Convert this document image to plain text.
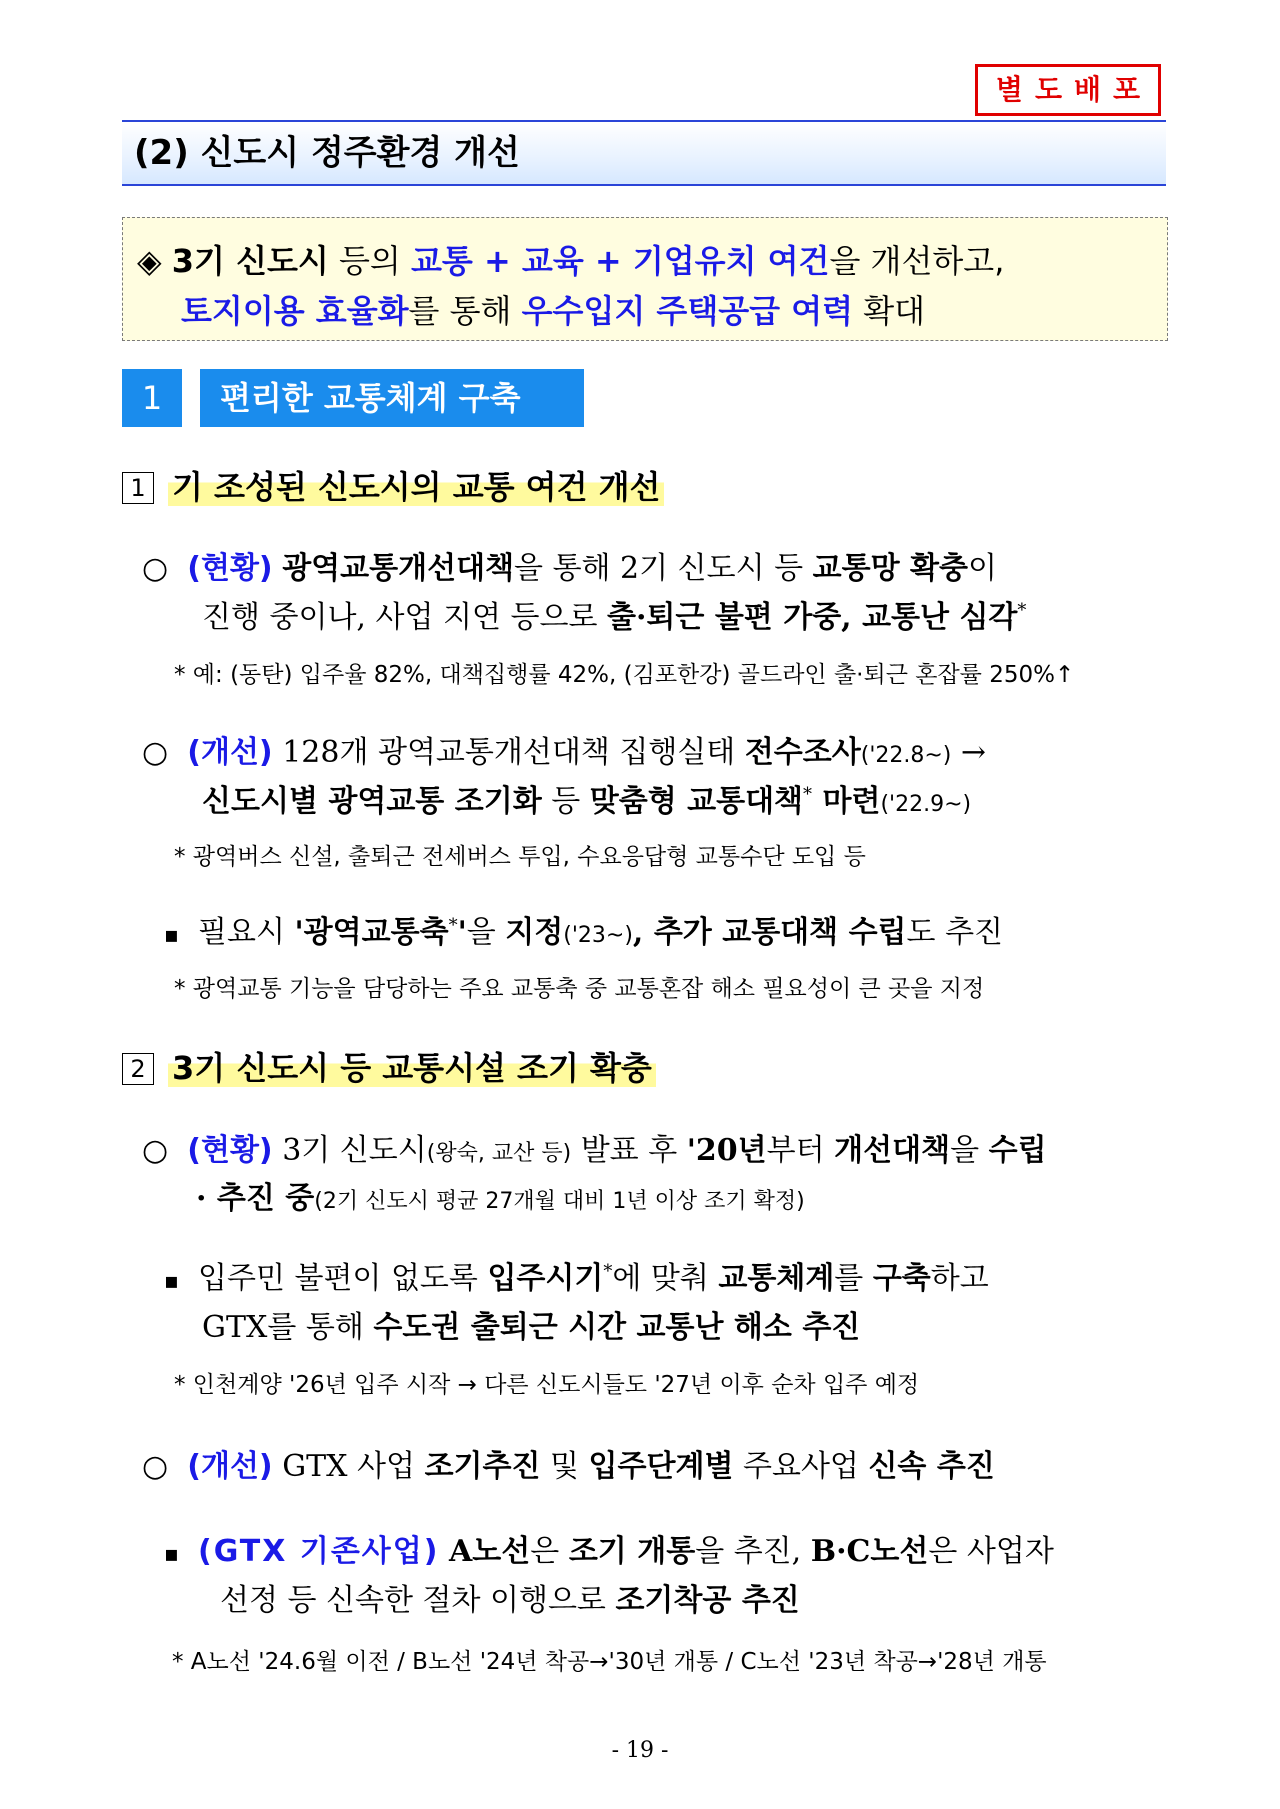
별도배포
(2) 신도시 정주환경 개선
◈ 3기 신도시 등의 교통 + 교육 + 기업유치 여건을 개선하고,
토지이용 효율화를 통해 우수입지 주택공급 여력 확대
1	편리한 교통체계 구축
1 기 조성된 신도시의 교통 여건 개선
○ (현황) 광역교통개선대책을 통해 2기 신도시 등 교통망 확충이
진행 중이나, 사업 지연 등으로 출·퇴근 불편 가중, 교통난 심각*
* 예: (동탄) 입주율 82%, 대책집행률 42%, (김포한강) 골드라인 출·퇴근 혼잡률 250%↑
○ (개선) 128개 광역교통개선대책 집행실태 전수조사('22.8~) →
신도시별 광역교통 조기화 등 맞춤형 교통대책* 마련('22.9~)
* 광역버스 신설, 출퇴근 전세버스 투입, 수요응답형 교통수단 도입 등
▪ 필요시 '광역교통축*'을 지정('23~), 추가 교통대책 수립도 추진
* 광역교통 기능을 담당하는 주요 교통축 중 교통혼잡 해소 필요성이 큰 곳을 지정
2 3기 신도시 등 교통시설 조기 확충
○ (현황) 3기 신도시(왕숙, 교산 등) 발표 후 '20년부터 개선대책을 수립
· 추진 중(2기 신도시 평균 27개월 대비 1년 이상 조기 확정)
▪ 입주민 불편이 없도록 입주시기*에 맞춰 교통체계를 구축하고
GTX를 통해 수도권 출퇴근 시간 교통난 해소 추진
* 인천계양 '26년 입주 시작 → 다른 신도시들도 '27년 이후 순차 입주 예정
○ (개선) GTX 사업 조기추진 및 입주단계별 주요사업 신속 추진
▪ (GTX 기존사업) A노선은 조기 개통을 추진, B·C노선은 사업자
선정 등 신속한 절차 이행으로 조기착공 추진
* A노선 '24.6월 이전 / B노선 '24년 착공→'30년 개통 / C노선 '23년 착공→'28년 개통
- 19 -
